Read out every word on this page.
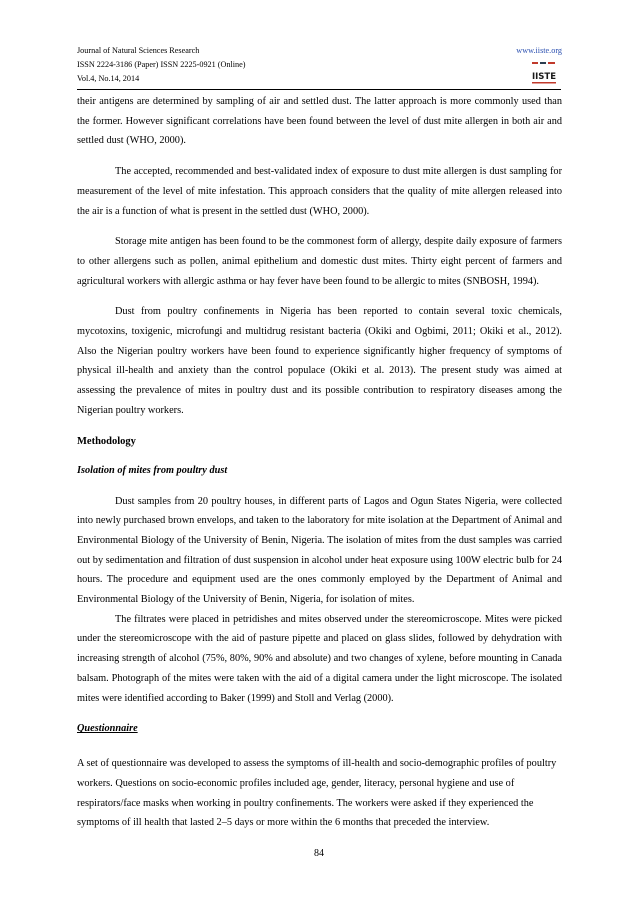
Journal of Natural Sciences Research
ISSN 2224-3186 (Paper) ISSN 2225-0921 (Online)
Vol.4, No.14, 2014
www.iiste.org
IISTE

their antigens are determined by sampling of air and settled dust. The latter approach is more commonly used than the former. However significant correlations have been found between the level of dust mite allergen in both air and settled dust (WHO, 2000).

The accepted, recommended and best-validated index of exposure to dust mite allergen is dust sampling for measurement of the level of mite infestation. This approach considers that the quality of mite allergen released into the air is a function of what is present in the settled dust (WHO, 2000).

Storage mite antigen has been found to be the commonest form of allergy, despite daily exposure of farmers to other allergens such as pollen, animal epithelium and domestic dust mites. Thirty eight percent of farmers and agricultural workers with allergic asthma or hay fever have been found to be allergic to mites (SNBOSH, 1994).

Dust from poultry confinements in Nigeria has been reported to contain several toxic chemicals, mycotoxins, toxigenic, microfungi and multidrug resistant bacteria (Okiki and Ogbimi, 2011; Okiki et al., 2012). Also the Nigerian poultry workers have been found to experience significantly higher frequency of symptoms of physical ill-health and anxiety than the control populace (Okiki et al. 2013). The present study was aimed at assessing the prevalence of mites in poultry dust and its possible contribution to respiratory diseases among the Nigerian poultry workers.

Methodology
Isolation of mites from poultry dust

Dust samples from 20 poultry houses, in different parts of Lagos and Ogun States Nigeria, were collected into newly purchased brown envelops, and taken to the laboratory for mite isolation at the Department of Animal and Environmental Biology of the University of Benin, Nigeria. The isolation of mites from the dust samples was carried out by sedimentation and filtration of dust suspension in alcohol under heat exposure using 100W electric bulb for 24 hours. The procedure and equipment used are the ones commonly employed by the Department of Animal and Environmental Biology of the University of Benin, Nigeria, for isolation of mites.

The filtrates were placed in petridishes and mites observed under the stereomicroscope. Mites were picked under the stereomicroscope with the aid of pasture pipette and placed on glass slides, followed by dehydration with increasing strength of alcohol (75%, 80%, 90% and absolute) and two changes of xylene, before mounting in Canada balsam. Photograph of the mites were taken with the aid of a digital camera under the light microscope. The isolated mites were identified according to Baker (1999) and Stoll and Verlag (2000).

Questionnaire

A set of questionnaire was developed to assess the symptoms of ill-health and socio-demographic profiles of poultry workers. Questions on socio-economic profiles included age, gender, literacy, personal hygiene and use of respirators/face masks when working in poultry confinements. The workers were asked if they experienced the symptoms of ill health that lasted 2–5 days or more within the 6 months that preceded the interview.

84
